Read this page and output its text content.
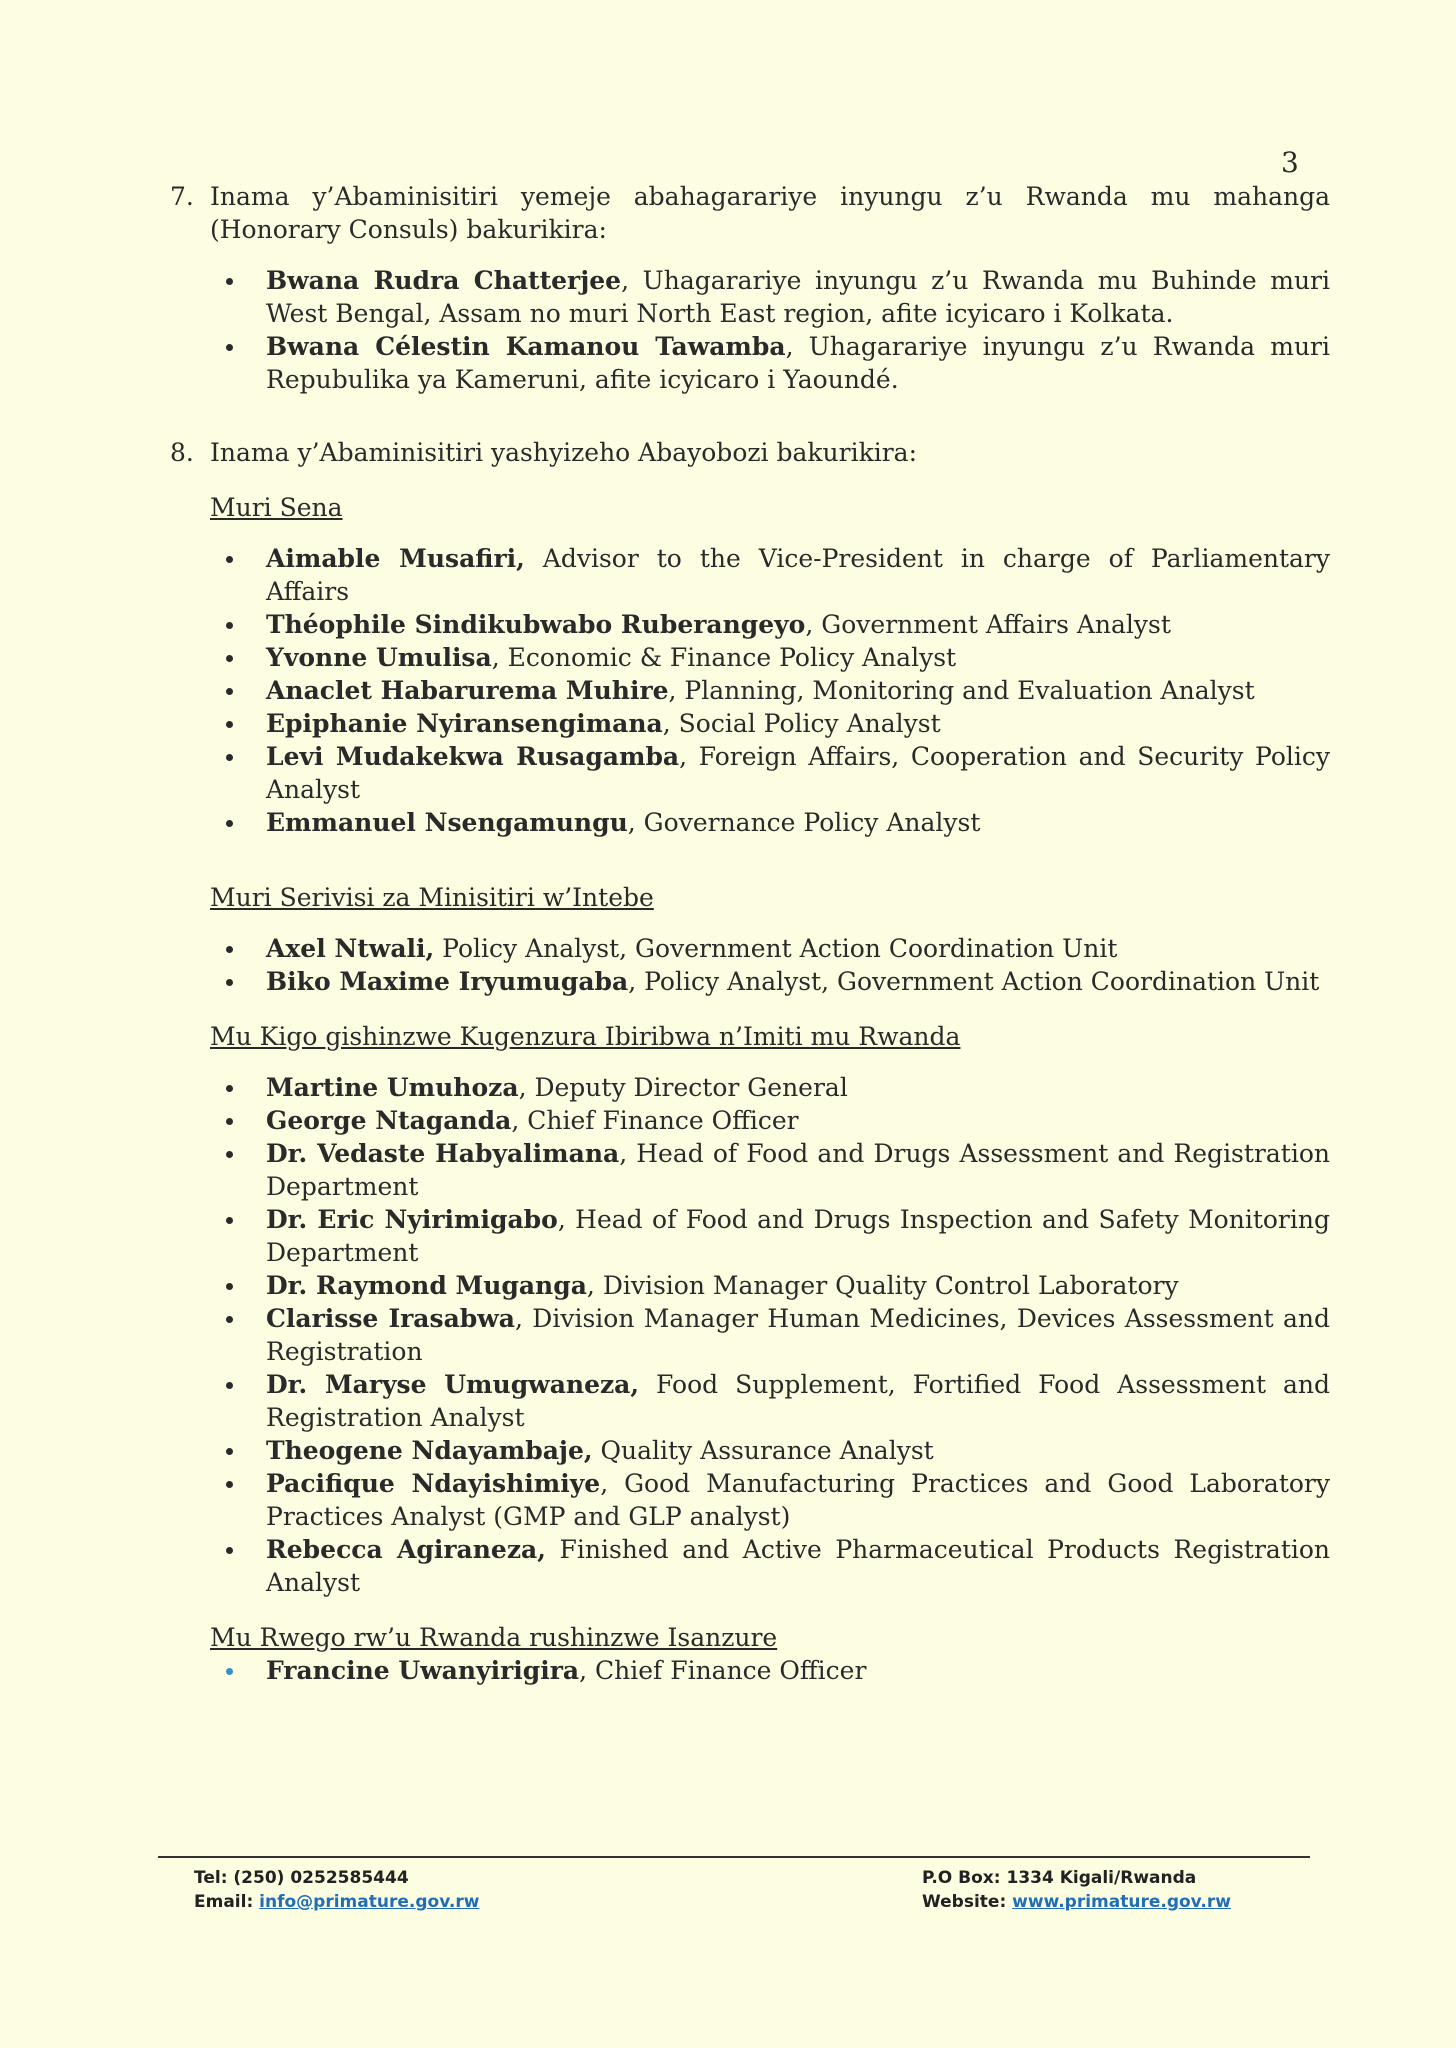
3
7. Inama y’Abaminisitiri yemeje abahagarariye inyungu z’u Rwanda mu mahanga (Honorary Consuls) bakurikira:
Bwana Rudra Chatterjee, Uhagarariye inyungu z’u Rwanda mu Buhinde muri West Bengal, Assam no muri North East region, afite icyicaro i Kolkata.
Bwana Célestin Kamanou Tawamba, Uhagarariye inyungu z’u Rwanda muri Repubulika ya Kameruni, afite icyicaro i Yaoundé.
8. Inama y’Abaminisitiri yashyizeho Abayobozi bakurikira:
Muri Sena
Aimable Musafiri, Advisor to the Vice-President in charge of Parliamentary Affairs
Théophile Sindikubwabo Ruberangeyo, Government Affairs Analyst
Yvonne Umulisa, Economic & Finance Policy Analyst
Anaclet Habarurema Muhire, Planning, Monitoring and Evaluation Analyst
Epiphanie Nyiransengimana, Social Policy Analyst
Levi Mudakekwa Rusagamba, Foreign Affairs, Cooperation and Security Policy Analyst
Emmanuel Nsengamungu, Governance Policy Analyst
Muri Serivisi za Minisitiri w’Intebe
Axel Ntwali, Policy Analyst, Government Action Coordination Unit
Biko Maxime Iryumugaba, Policy Analyst, Government Action Coordination Unit
Mu Kigo gishinzwe Kugenzura Ibiribwa n’Imiti mu Rwanda
Martine Umuhoza, Deputy Director General
George Ntaganda, Chief Finance Officer
Dr. Vedaste Habyalimana, Head of Food and Drugs Assessment and Registration Department
Dr. Eric Nyirimigabo, Head of Food and Drugs Inspection and Safety Monitoring Department
Dr. Raymond Muganga, Division Manager Quality Control Laboratory
Clarisse Irasabwa, Division Manager Human Medicines, Devices Assessment and Registration
Dr. Maryse Umugwaneza, Food Supplement, Fortified Food Assessment and Registration Analyst
Theogene Ndayambaje, Quality Assurance Analyst
Pacifique Ndayishimiye, Good Manufacturing Practices and Good Laboratory Practices Analyst (GMP and GLP analyst)
Rebecca Agiraneza, Finished and Active Pharmaceutical Products Registration Analyst
Mu Rwego rw’u Rwanda rushinzwe Isanzure
Francine Uwanyirigira, Chief Finance Officer
Tel: (250) 0252585444
Email: info@primature.gov.rw
P.O Box: 1334 Kigali/Rwanda
Website: www.primature.gov.rw
